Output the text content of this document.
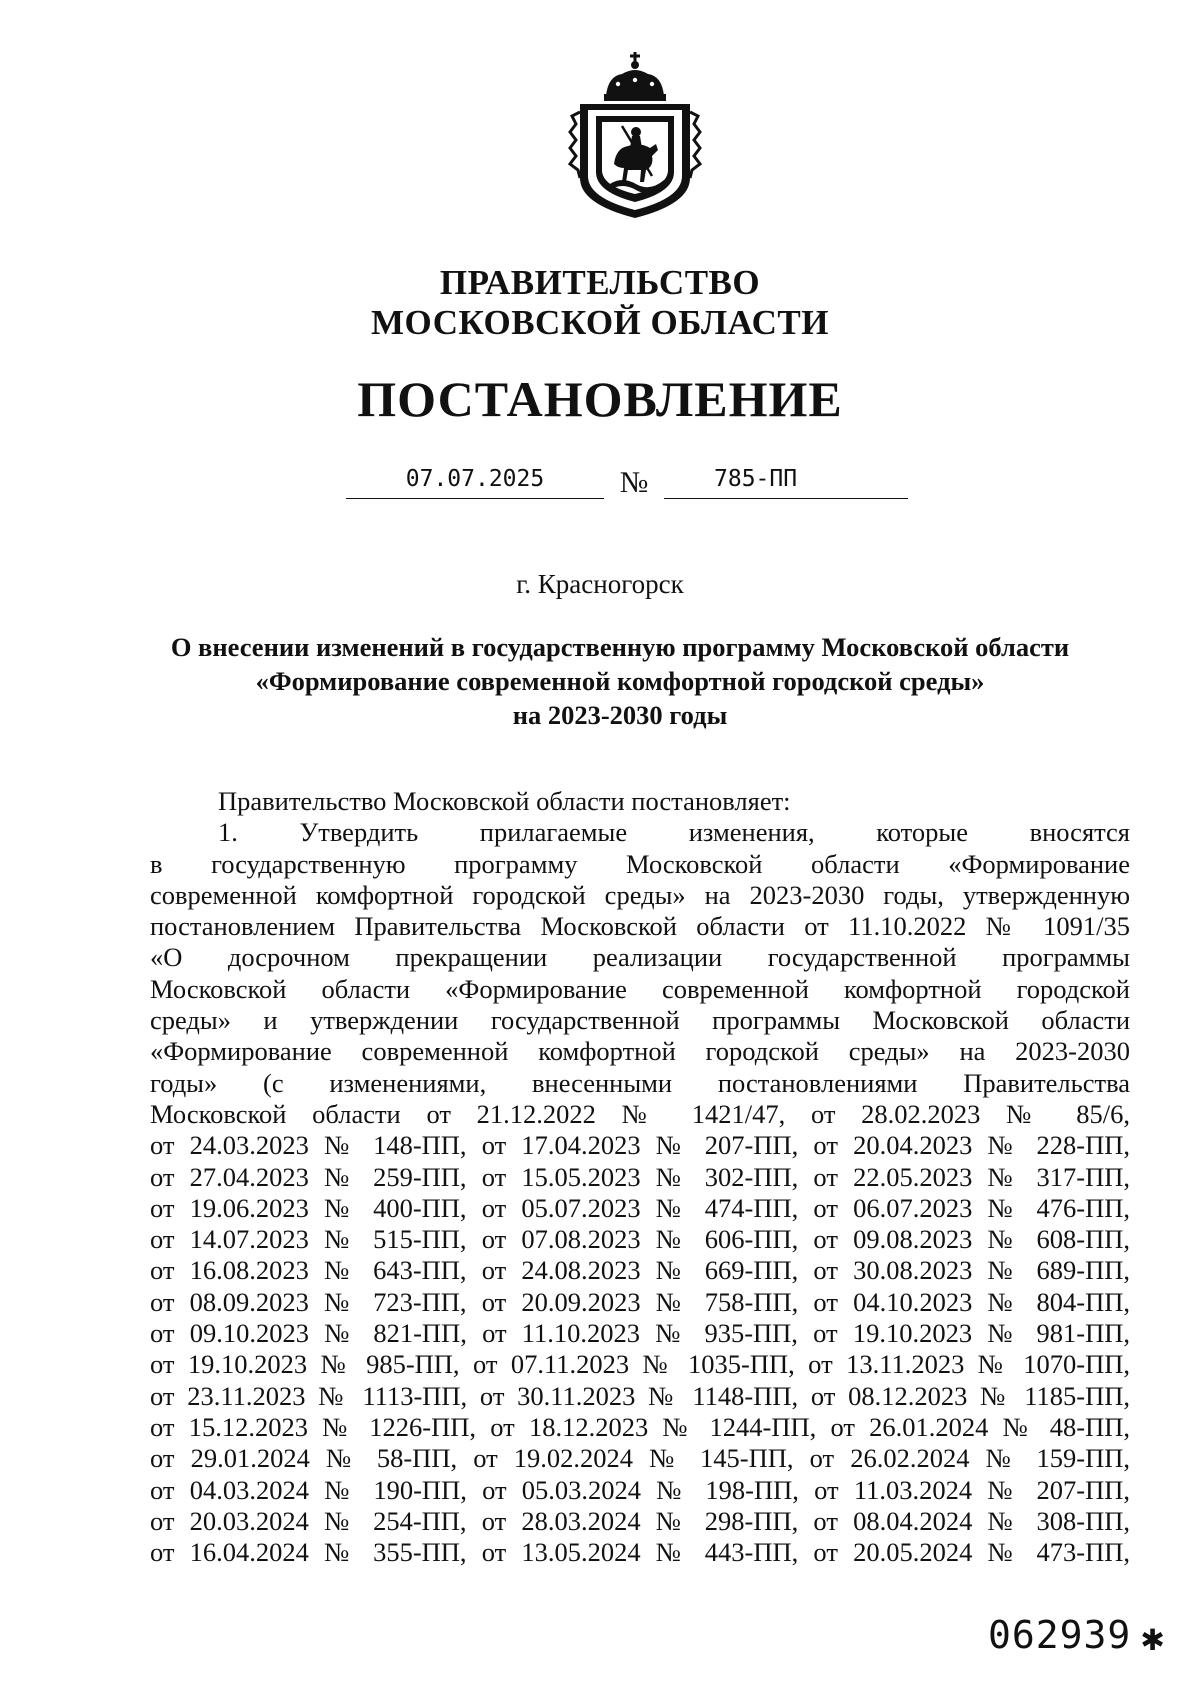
ПРАВИТЕЛЬСТВО
МОСКОВСКОЙ ОБЛАСТИ
ПОСТАНОВЛЕНИЕ
07.07.2025	№	785-ПП
г. Красногорск
О внесении изменений в государственную программу Московской области
«Формирование современной комфортной городской среды»
на 2023-2030 годы
Правительство Московской области постановляет:
1. Утвердить прилагаемые изменения, которые вносятся
в государственную программу Московской области «Формирование
современной комфортной городской среды» на 2023-2030 годы, утвержденную
постановлением Правительства Московской области от 11.10.2022 № 1091/35
«О досрочном прекращении реализации государственной программы
Московской области «Формирование современной комфортной городской
среды» и утверждении государственной программы Московской области
«Формирование современной комфортной городской среды» на 2023-2030
годы» (с изменениями, внесенными постановлениями Правительства
Московской области от 21.12.2022 № 1421/47, от 28.02.2023 № 85/6,
от 24.03.2023 № 148-ПП, от 17.04.2023 № 207-ПП, от 20.04.2023 № 228-ПП,
от 27.04.2023 № 259-ПП, от 15.05.2023 № 302-ПП, от 22.05.2023 № 317-ПП,
от 19.06.2023 № 400-ПП, от 05.07.2023 № 474-ПП, от 06.07.2023 № 476-ПП,
от 14.07.2023 № 515-ПП, от 07.08.2023 № 606-ПП, от 09.08.2023 № 608-ПП,
от 16.08.2023 № 643-ПП, от 24.08.2023 № 669-ПП, от 30.08.2023 № 689-ПП,
от 08.09.2023 № 723-ПП, от 20.09.2023 № 758-ПП, от 04.10.2023 № 804-ПП,
от 09.10.2023 № 821-ПП, от 11.10.2023 № 935-ПП, от 19.10.2023 № 981-ПП,
от 19.10.2023 № 985-ПП, от 07.11.2023 № 1035-ПП, от 13.11.2023 № 1070-ПП,
от 23.11.2023 № 1113-ПП, от 30.11.2023 № 1148-ПП, от 08.12.2023 № 1185-ПП,
от 15.12.2023 № 1226-ПП, от 18.12.2023 № 1244-ПП, от 26.01.2024 № 48-ПП,
от 29.01.2024 № 58-ПП, от 19.02.2024 № 145-ПП, от 26.02.2024 № 159-ПП,
от 04.03.2024 № 190-ПП, от 05.03.2024 № 198-ПП, от 11.03.2024 № 207-ПП,
от 20.03.2024 № 254-ПП, от 28.03.2024 № 298-ПП, от 08.04.2024 № 308-ПП,
от 16.04.2024 № 355-ПП, от 13.05.2024 № 443-ПП, от 20.05.2024 № 473-ПП,
062939 ✱
